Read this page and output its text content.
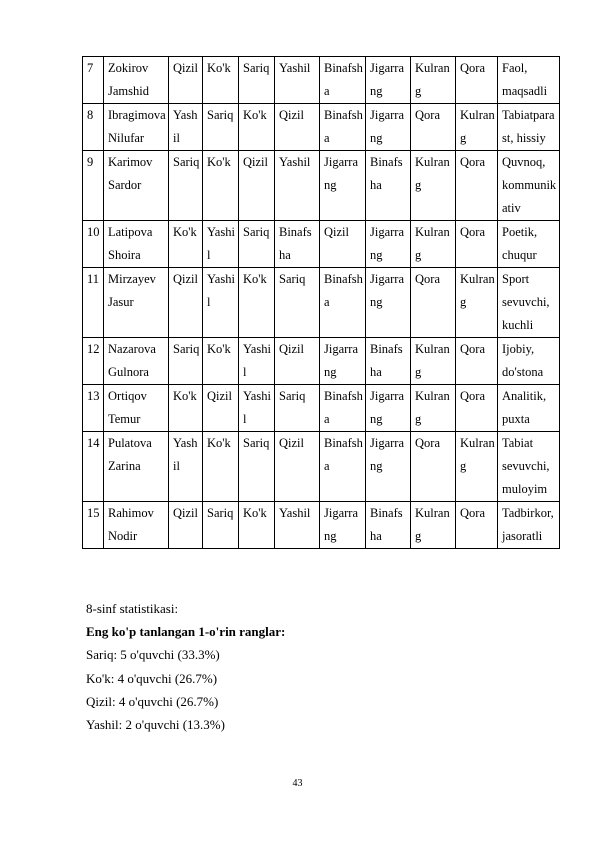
7	Zokirov Jamshid	Qizil	Ko'k	Sariq	Yashil	Binafsha	Jigarrang	Kulrang	Qora	Faol, maqsadli
8	Ibragimova Nilufar	Yashil	Sariq	Ko'k	Qizil	Binafsha	Jigarrang	Qora	Kulrang	Tabiatparast, hissiy
9	Karimov Sardor	Sariq	Ko'k	Qizil	Yashil	Jigarrang	Binafsha	Kulrang	Qora	Quvnoq, kommunikativ
10	Latipova Shoira	Ko'k	Yashil	Sariq	Binafsha	Qizil	Jigarrang	Kulrang	Qora	Poetik, chuqur
11	Mirzayev Jasur	Qizil	Yashil	Ko'k	Sariq	Binafsha	Jigarrang	Qora	Kulrang	Sport sevuvchi, kuchli
12	Nazarova Gulnora	Sariq	Ko'k	Yashil	Qizil	Jigarrang	Binafsha	Kulrang	Qora	Ijobiy, do'stona
13	Ortiqov Temur	Ko'k	Qizil	Yashil	Sariq	Binafsha	Jigarrang	Kulrang	Qora	Analitik, puxta
14	Pulatova Zarina	Yashil	Ko'k	Sariq	Qizil	Binafsha	Jigarrang	Qora	Kulrang	Tabiat sevuvchi, muloyim
15	Rahimov Nodir	Qizil	Sariq	Ko'k	Yashil	Jigarrang	Binafsha	Kulrang	Qora	Tadbirkor, jasoratli
8-sinf statistikasi:
Eng ko'p tanlangan 1-o'rin ranglar:
Sariq: 5 o'quvchi (33.3%)
Ko'k: 4 o'quvchi (26.7%)
Qizil: 4 o'quvchi (26.7%)
Yashil: 2 o'quvchi (13.3%)
43
